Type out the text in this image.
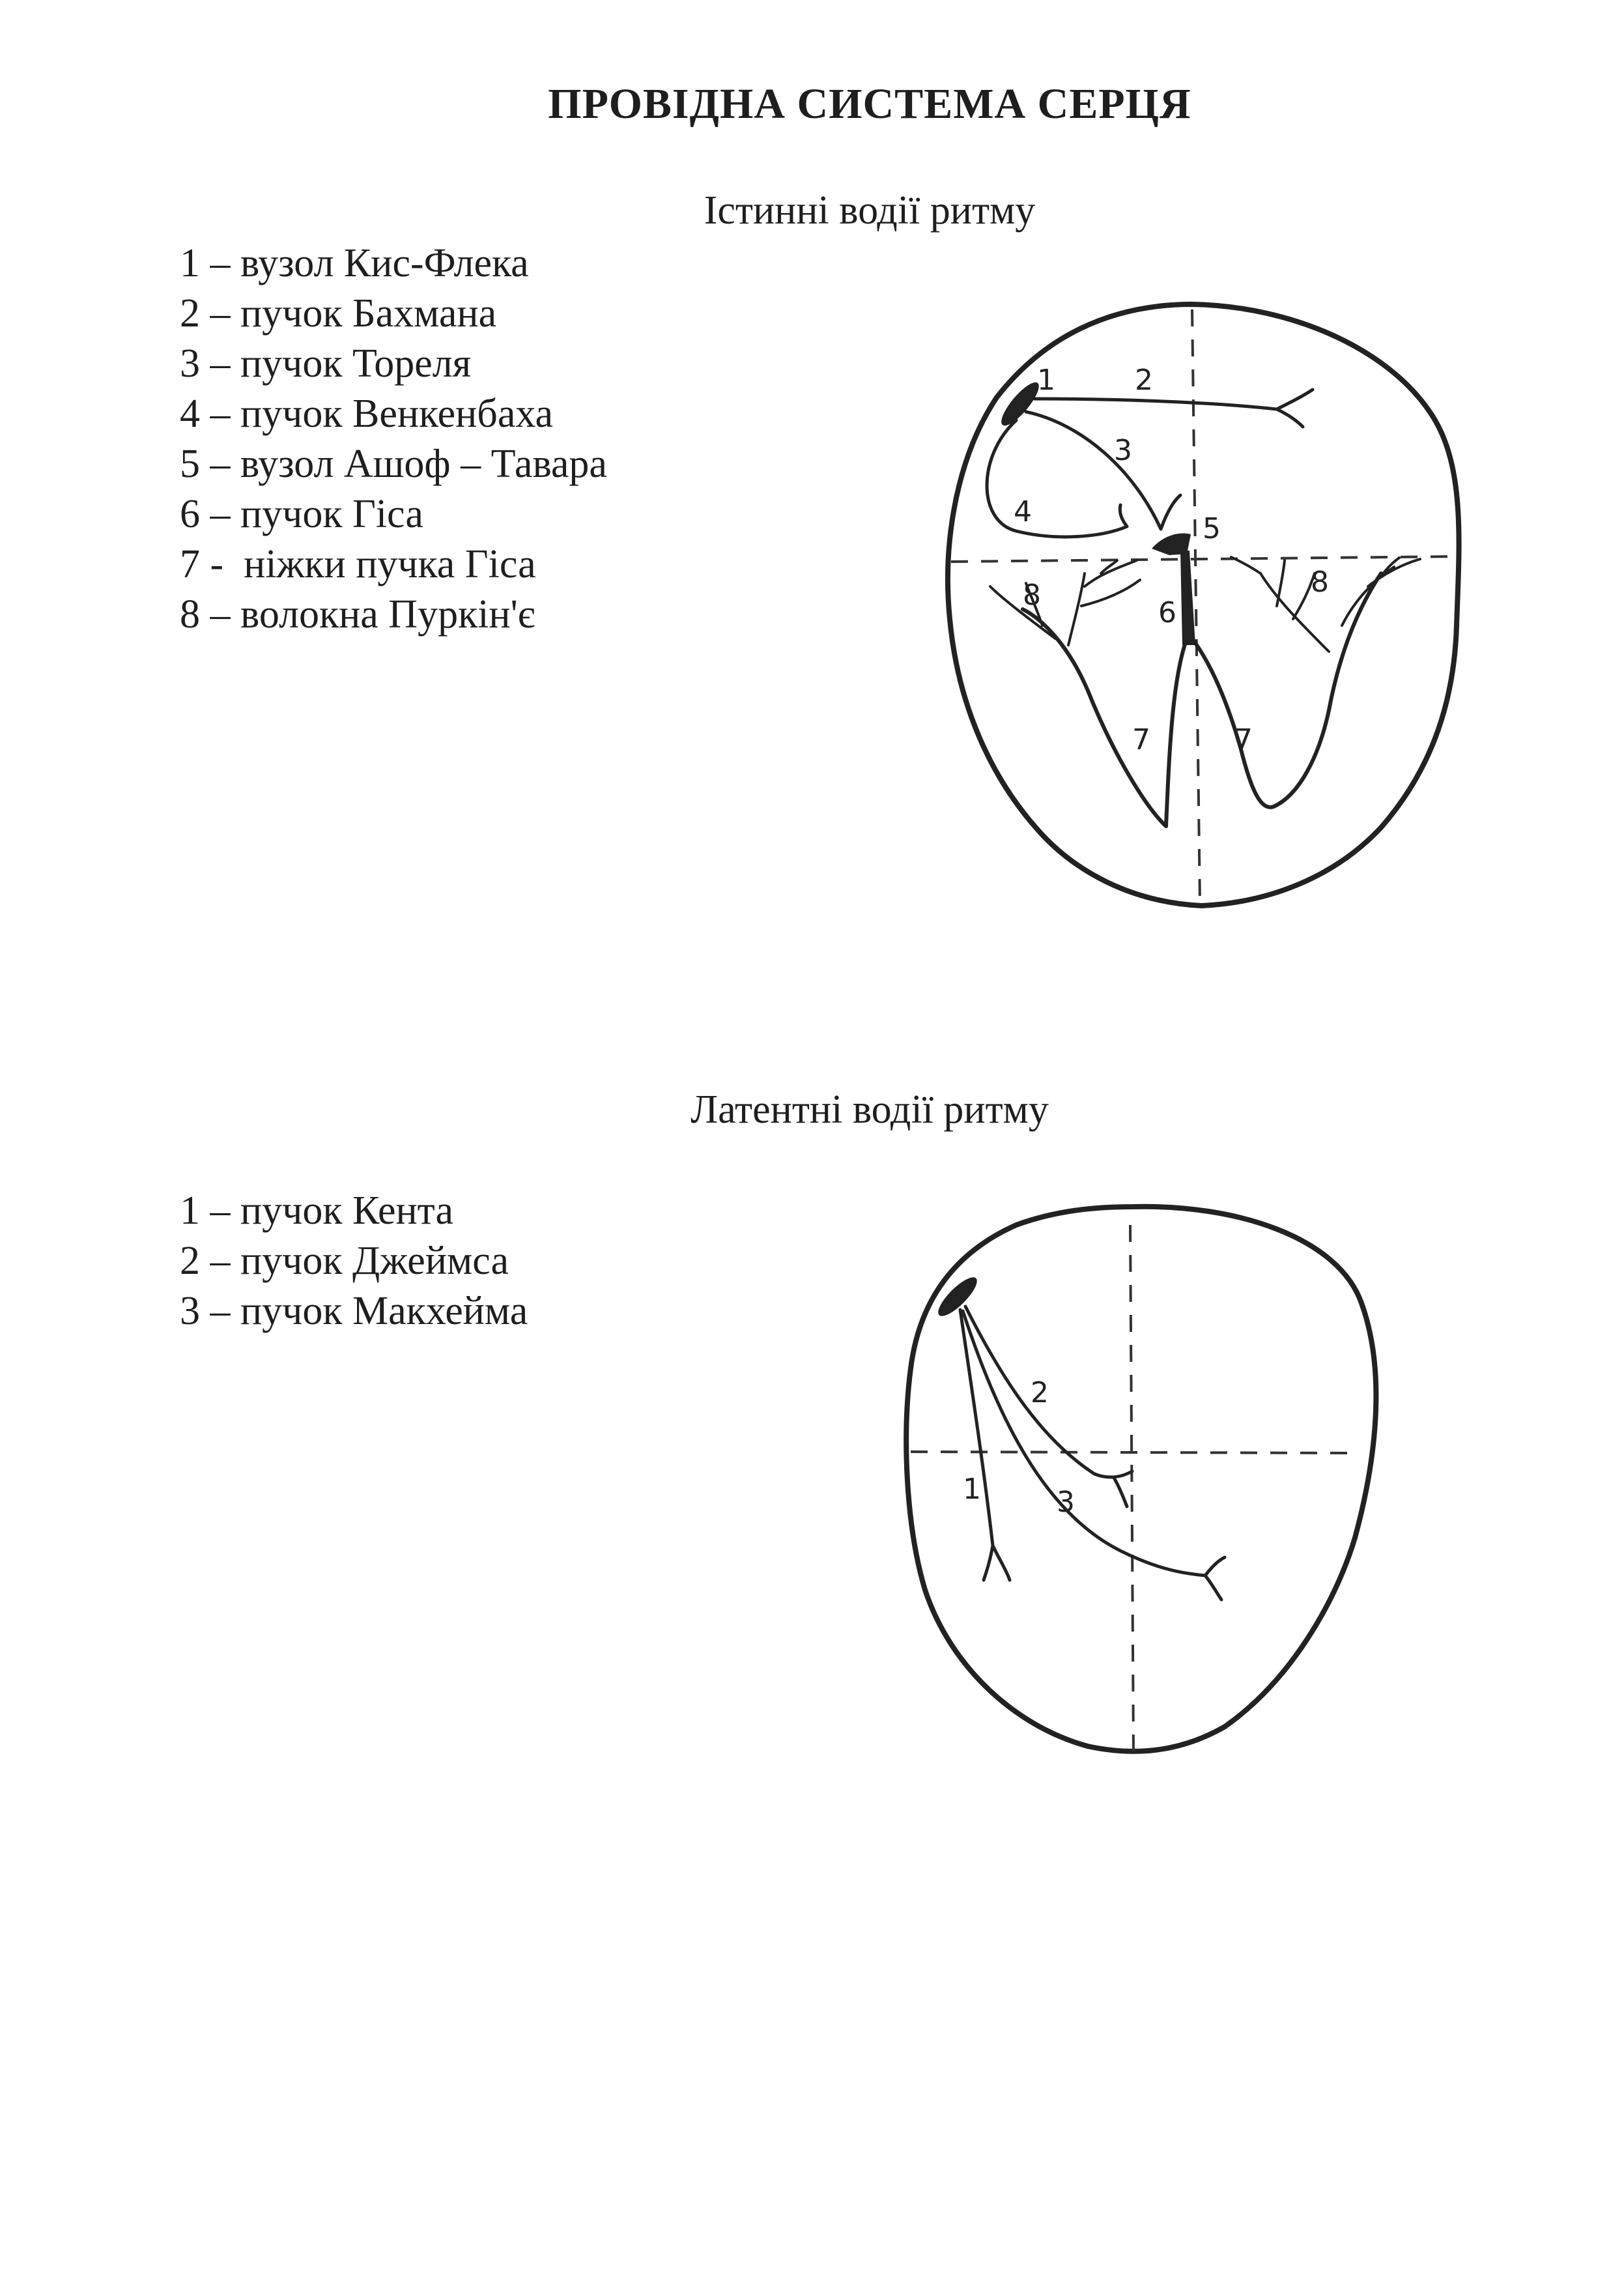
ПРОВІДНА СИСТЕМА СЕРЦЯ
Істинні водії ритму
1 – вузол Кис-Флека
2 – пучок Бахмана
3 – пучок Тореля
4 – пучок Венкенбаха
5 – вузол Ашоф – Тавара
6 – пучок Гіса
7 -  ніжки пучка Гіса
8 – волокна Пуркін'є
1	2
3
4
5
6
7	7
8	8
1
2
3
Латентні водії ритму
1 – пучок Кента
2 – пучок Джеймса
3 – пучок Макхейма
